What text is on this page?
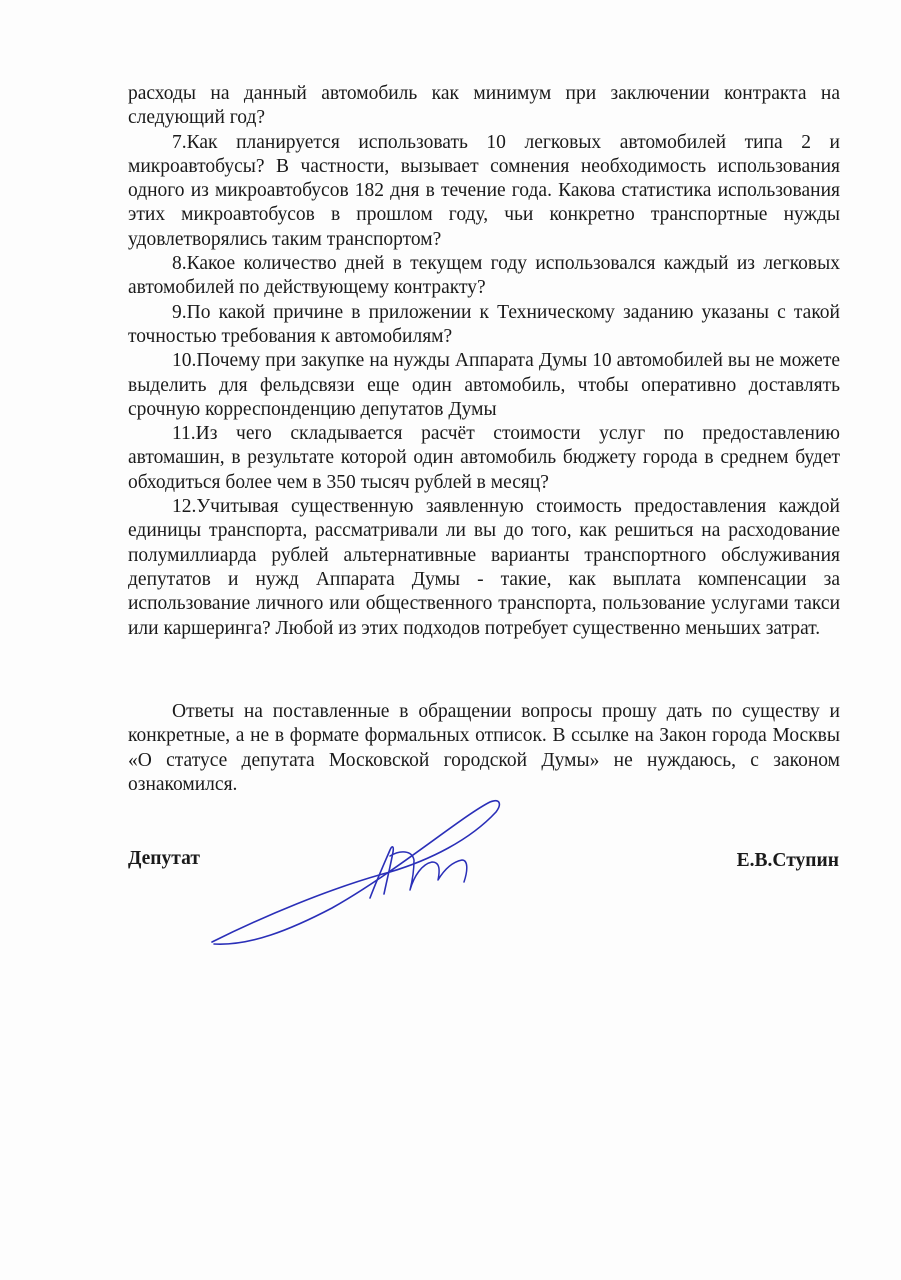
расходы на данный автомобиль как минимум при заключении контракта на следующий год?

7.Как планируется использовать 10 легковых автомобилей типа 2 и микроавтобусы? В частности, вызывает сомнения необходимость использования одного из микроавтобусов 182 дня в течение года. Какова статистика использования этих микроавтобусов в прошлом году, чьи конкретно транспортные нужды удовлетворялись таким транспортом?

8.Какое количество дней в текущем году использовался каждый из легковых автомобилей по действующему контракту?

9.По какой причине в приложении к Техническому заданию указаны с такой точностью требования к автомобилям?

10.Почему при закупке на нужды Аппарата Думы 10 автомобилей вы не можете выделить для фельдсвязи еще один автомобиль, чтобы оперативно доставлять срочную корреспонденцию депутатов Думы

11.Из чего складывается расчёт стоимости услуг по предоставлению автомашин, в результате которой один автомобиль бюджету города в среднем будет обходиться более чем в 350 тысяч рублей в месяц?

12.Учитывая существенную заявленную стоимость предоставления каждой единицы транспорта, рассматривали ли вы до того, как решиться на расходование полумиллиарда рублей альтернативные варианты транспортного обслуживания депутатов и нужд Аппарата Думы - такие, как выплата компенсации за использование личного или общественного транспорта, пользование услугами такси или каршеринга? Любой из этих подходов потребует существенно меньших затрат.

Ответы на поставленные в обращении вопросы прошу дать по существу и конкретные, а не в формате формальных отписок. В ссылке на Закон города Москвы «О статусе депутата Московской городской Думы» не нуждаюсь, с законом ознакомился.

Депутат	Е.В.Ступин
